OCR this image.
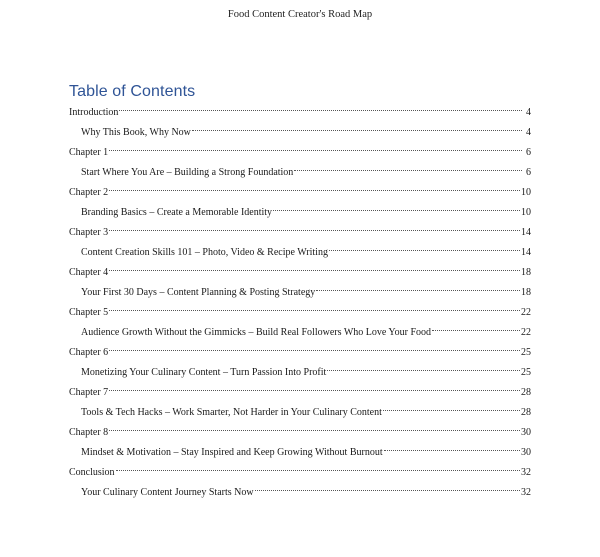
Food Content Creator's Road Map
Table of Contents
Introduction	4
Why This Book, Why Now	4
Chapter 1	6
Start Where You Are – Building a Strong Foundation	6
Chapter 2	10
Branding Basics – Create a Memorable Identity	10
Chapter 3	14
Content Creation Skills 101 – Photo, Video & Recipe Writing	14
Chapter 4	18
Your First 30 Days – Content Planning & Posting Strategy	18
Chapter 5	22
Audience Growth Without the Gimmicks – Build Real Followers Who Love Your Food	22
Chapter 6	25
Monetizing Your Culinary Content – Turn Passion Into Profit	25
Chapter 7	28
Tools & Tech Hacks – Work Smarter, Not Harder in Your Culinary Content	28
Chapter 8	30
Mindset & Motivation – Stay Inspired and Keep Growing Without Burnout	30
Conclusion	32
Your Culinary Content Journey Starts Now	32
